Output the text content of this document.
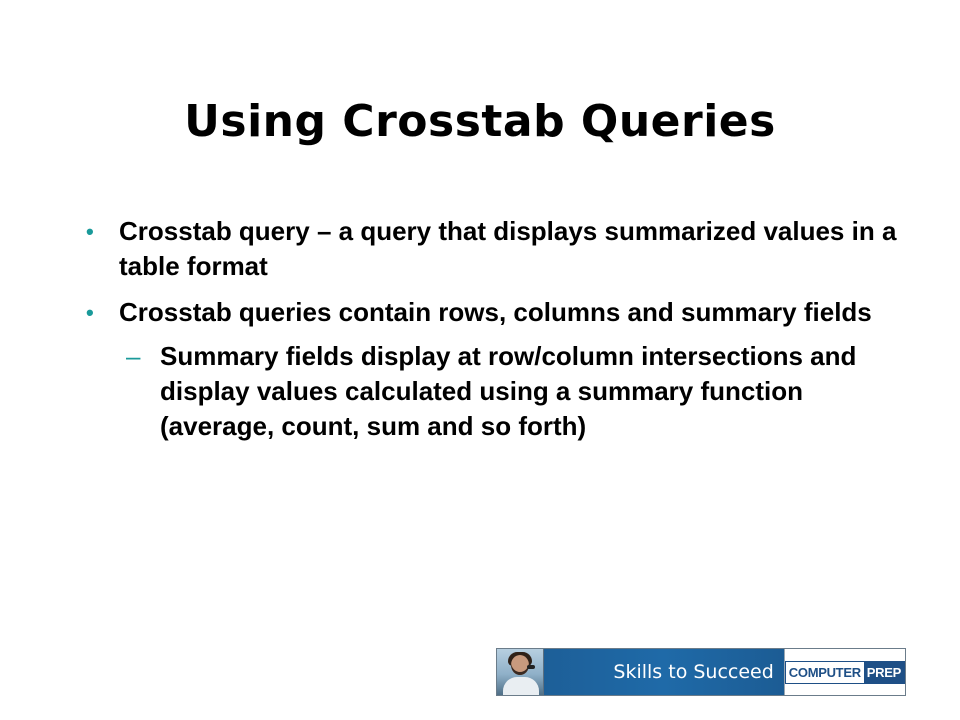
Using Crosstab Queries
• Crosstab query – a query that displays summarized values in a table format
• Crosstab queries contain rows, columns and summary fields
– Summary fields display at row/column intersections and display values calculated using a summary function (average, count, sum and so forth)
Skills to Succeed	COMPUTER PREP
